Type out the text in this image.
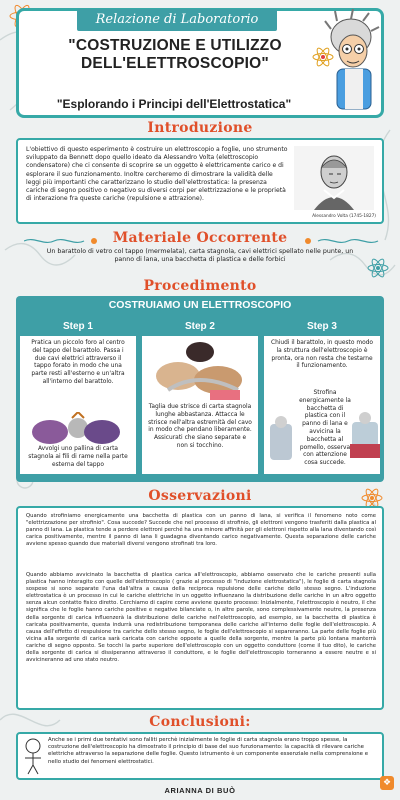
Relazione di Laboratorio
"COSTRUZIONE E UTILIZZO
DELL'ELETTROSCOPIO"
"Esplorando i Principi dell'Elettrostatica"
Introduzione
L'obiettivo di questo esperimento è costruire un elettroscopio a foglie, uno strumento sviluppato da Bennett dopo quello ideato da Alessandro Volta (elettroscopio condensatore) che ci consente di scoprire se un oggetto è elettricamente carico e di esplorare il suo funzionamento. Inoltre cercheremo di dimostrare la validità delle leggi più importanti che caratterizzano lo studio dell'elettrostatica: la presenza cariche di segno positivo o negativo su diversi corpi per elettrizzazione e le proprietà di interazione fra queste cariche (repulsione e attrazione).
Alessandro Volta (1745-1827)
Materiale Occorrente
Un barattolo di vetro col tappo (mermelata), carta stagnola, cavi elettrici spellato nelle punte, un panno di lana, una bacchetta di plastica e delle forbici
Procedimento
COSTRUIAMO UN ELETTROSCOPIO
Step 1
Pratica un piccolo foro al centro del tappo del barattolo. Passa i due cavi elettrici attraverso il tappo forato in modo che una parte resti all'esterno e un'altra all'interno del barattolo.
Avvolgi uno pallina di carta stagnola ai fili di rame nella parte esterna del tappo
Step 2
Taglia due strisce di carta stagnola lunghe abbastanza. Attacca le strisce nell'altra estremità del cavo in modo che pendano liberamente. Assicurati che siano separate e non si tocchino.
Step 3
Chiudi il barattolo, in questo modo la struttura dell'elettroscopio è pronta, ora non resta che testarne il funzionamento.
Strofina energicamente la bacchetta di plastica con il panno di lana e avvicina la bacchetta al pomello, osserva con attenzione cosa succede.
Osservazioni
Quando strofiniamo energicamente una bacchetta di plastica con un panno di lana, si verifica il fenomeno noto come "elettrizzazione per strofinio". Cosa succede? Succede che nel processo di strofinio, gli elettroni vengono trasferiti dalla plastica al panno di lana. La plastica tende a perdere elettroni perché ha una minore affinità per gli elettroni rispetto alla lana diventando così carica positivamente, mentre il panno di lana li guadagna diventando carico negativamente. Questa separazione delle cariche avviene spesso quando due materiali diversi vengono strofinati tra loro.
Quando abbiamo avvicinato la bacchetta di plastica carica all'elettroscopio, abbiamo osservato che le cariche presenti sulla plastica hanno interagito con quelle dell'elettroscopio ( grazie al processo di "induzione elettrostatica"), le foglie di carta stagnola sospese si sono separate l'una dall'altra a causa della reciproca repulsione delle cariche dello stesso segno. L'induzione elettrostatica è un processo in cui le cariche elettriche in un oggetto influenzano la distribuzione delle cariche in un altro oggetto senza alcun contatto fisico diretto. Cerchiamo di capire come avviene questo processo: Inizialmente, l'elettroscopio è neutro, il che significa che le foglie hanno cariche positive e negative bilanciate o, in altre parole, sono complessivamente neutre, la presenza della sorgente di carica influenzerà la distribuzione delle cariche nell'elettroscopio, ad esempio, se la bacchetta di plastica è caricata positivamente, questa indurrà una redistribuzione temporanea delle cariche all'interno delle foglie dell'elettroscopio. A causa dell'effetto di respulsione tra cariche dello stesso segno, le foglie dell'elettroscopio si separeranno. La parte delle foglie più vicina alla sorgente di carica sarà caricata con cariche opposte a quelle della sorgente, mentre la parte più lontana manterrà cariche di segno opposto. Se tocchi la parte superiore dell'elettroscopio con un oggetto conduttore (come il tuo dito), le cariche della sorgente di carica si dissiperanno attraverso il conduttore, e le foglie dell'elettroscopio torneranno a essere neutre e si avvicineranno ad uno stato neutro.
Conclusioni:
Anche se i primi due tentativi sono falliti perchè inizialmente le foglie di carta stagnola erano troppo spesse, la costruzione dell'elettroscopio ha dimostrato il principio di base del suo funzionamento: la capacità di rilevare cariche elettriche attraverso la separazione delle foglie. Questo istrumento è un componente essenziale nella comprensione e nello studio dei fenomeni elettrostatici.
ARIANNA DI BUÒ
❖
